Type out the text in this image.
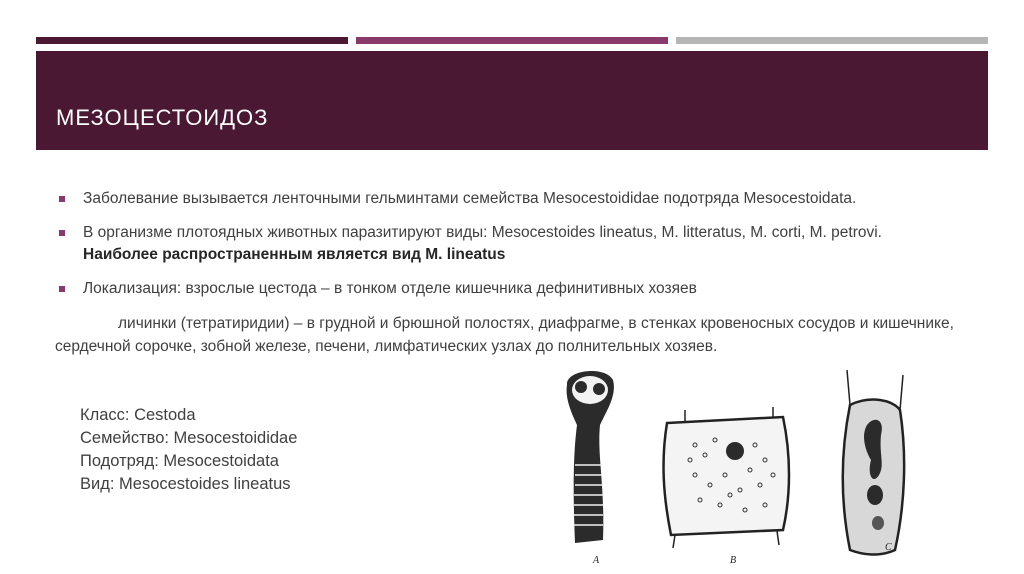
МЕЗОЦЕСТОИДОЗ
Заболевание вызывается ленточными гельминтами семейства Mesocestoididae подотряда Mesocestoidata.
В организме плотоядных животных паразитируют виды: Mesocestoides lineatus, M. litteratus, M. corti, M. petrovi.
Наиболее распространенным является вид M. lineatus
Локализация: взрослые цестода – в тонком отделе кишечника дефинитивных хозяев
личинки (тетратиридии) – в грудной и брюшной полостях, диафрагме, в стенках кровеносных сосудов и кишечнике, сердечной сорочке, зобной железе, печени, лимфатических узлах до полнительных хозяев.
Класс: Cestoda
Семейство: Mesocestoididae
Подотряд: Mesocestoidata
Вид: Mesocestoides lineatus
A	B
C
